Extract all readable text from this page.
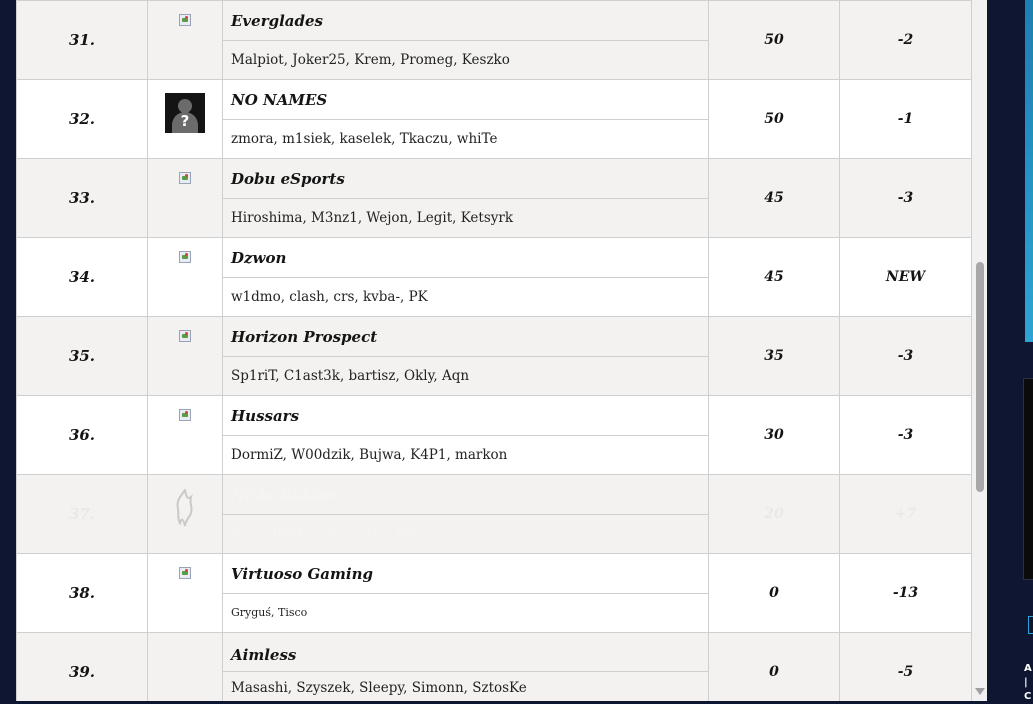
31.		Everglades
Malpiot, Joker25, Krem, Promeg, Keszko	50	-2
32.	?	NO NAMES
zmora, m1siek, kaselek, Tkaczu, whiTe	50	-1
33.		Dobu eSports
Hiroshima, M3nz1, Wejon, Legit, Ketsyrk	45	-3
34.		Dzwon
w1dmo, clash, crs, kvba-, PK	45	NEW
35.		Horizon Prospect
Sp1riT, C1ast3k, bartisz, Okly, Aqn	35	-3
36.		Hussars
DormiZ, W00dzik, Bujwa, K4P1, markon	30	-3
37.		Nisla Raków
Krux, Bozke, Sezu, Xiii, Berni	20	+7
38.		Virtuoso Gaming
Gryguś, Tisco	0	-13
39.		Aimless
Masashi, Szyszek, Sleepy, Simonn, SztosKe	0	-5	A
| C
